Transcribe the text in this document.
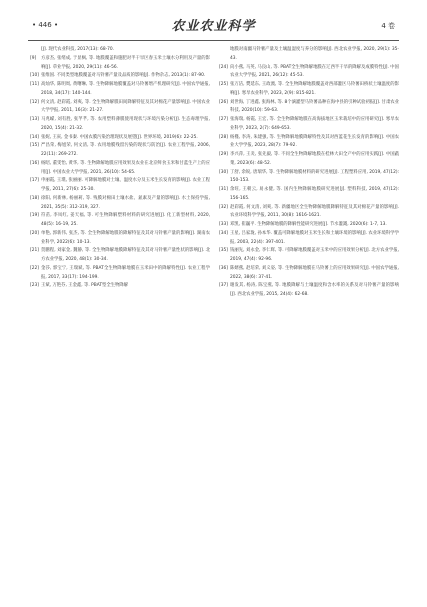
• 446 •	农业农业科学	4 卷
[J]. 现代农业科技, 2017(13): 68-70.
[9]	方彦杰, 张绪成, 于显枫, 等. 地膜覆盖和施肥对半干旱区春玉米土壤水分利用及产量的影响[J]. 草业学报, 2020, 29(11): 46-56.
[10] 张维国. 不同类型地膜覆盖对马铃薯产量及品质的影响[J]. 作物杂志, 2013(1): 87-90.
[11] 高灿华, 陈明周, 黄曙琳, 等. 生物降解地膜覆盖对马铃薯增产机理研究[J]. 中国农学通报, 2018, 34(17): 140-144.
[12] 何文清, 赵彩霞, 刘爽, 等. 全生物降解膜田间降解特征及其对棉花产量影响[J]. 中国农业大学学报, 2011, 16(3): 21-27.
[13] 马兆嵘, 刘有胜, 张芊芊, 等. 农用塑料薄膜使用现状与环境污染分析[J]. 生态毒理学报, 2020, 15(4): 21-32.
[14] 张妮, 王寅, 金书秦. 中国农膜污染治理现状及展望[J]. 世界环境, 2019(6): 22-25.
[15] 严昌荣, 梅旭荣, 何文清, 等. 农用地膜残留污染的现状与防治[J]. 农业工程学报, 2006, 22(11): 269-272.
[16] 杨昭, 董雯怡, 黄华, 等. 生物降解地膜应用效果及农业在北京鲜食玉米和甘蓝生产上的应用[J]. 中国农业大学学报, 2021, 26(10): 54-65.
[17] 申丽霞, 王璞, 张丽丽. 可降解地膜对土壤、温度水分及玉米生长发育的影响[J]. 农业工程学报, 2011, 27(6): 25-30.
[18] 徐阳, 何新林, 杨丽莉, 等. 残膜对棉田土壤水盐、氮素及产量的影响[J]. 水土保持学报, 2021, 35(5): 312-319, 327.
[19] 符苗, 李凤红, 姜天福, 等. 可生物降解塑料材料的研究进展[J]. 化工新型材料, 2020, 48(5): 16-19, 25.
[20] 单艳, 郭新伟, 张杰, 等. 全生物降解地膜的降解特征及其对马铃薯产量的影响[J]. 湖南农业科学, 2022(6): 10-13.
[21] 贺鹏程, 刘家金, 魏静, 等. 全生物降解地膜降解特征及其对马铃薯产量性状的影响[J]. 北方农业学报, 2020, 48(1): 30-34.
[22] 金莎, 郭宝宁, 王瑞斌, 等. PBAT全生物降解地膜在玉米田中的降解特性[J]. 农业工程学报, 2017, 33(17): 194-199.
[23] 王斌, 万艳芬, 王金鑫, 等. PBAT型全生物降解
地膜对南疆马铃薯产量及土壤温湿度与养分的影响[J]. 西北农业学报, 2020, 29(1): 35-43.
[24] 向小燕, 马英, 马良山, 等. PBAT全生物降解地膜在辽西半干旱的降解及成膜特性[J]. 中国农业大学学报, 2021, 26(12): 45-53.
[25] 张万洁, 樊延东, 王政澳, 等. 全生物降解地膜覆盖对西部灌区马铃薯田桥状土壤温度的影响[J]. 寒旱农业科学, 2023, 2(9): 815-821.
[26] 刘世海, 丁进鑫, 张海林, 等. 8个滴灌型马铃薯品种在海中县的引种试验初报[J]. 甘肃农业科技, 2020(10): 59-63.
[27] 张海瑞, 杨霞, 王宏, 等. 全生物降解地膜在高海拔地区玉米栽培中的应用研究[J]. 寒旱农业科学, 2023, 2(7): 649-653.
[28] 杨槿, 李涛, 朱建强, 等. 生物降解地膜降解特性及其对西蓝花生长发育的影响[J]. 中国农业大学学报, 2023, 28(7): 79-92.
[29] 李兴萍, 王炎, 张先毅, 等. 不同全生物降解地膜在桂林大田全产中的应用实践[J]. 中国蔬菜, 2023(6): 48-52.
[30] 丁舒, 余锐, 唐瑞华, 等. 生物降解地膜材料的研究进展[J]. 工程塑料应用, 2019, 47(12): 150-153.
[31] 余旺, 王朝云, 易永健, 等. 国内生物降解地膜研究进展[J]. 塑料科技, 2019, 47(12): 156-165.
[32] 赵彩霞, 何文清, 刘爽, 等. 新疆地区全生物降解地膜降解特征及其对棉花产量的影响[J]. 农业环境科学学报, 2011, 30(8): 1616-1621.
[33] 邓凯, 崔巍平. 生物降解地膜的降解性能研究进展[J]. 节水灌溉, 2020(6): 1-7, 13.
[34] 王星, 吕家珑, 孙本华. 覆盖可降解地膜对玉米生长和土壤环境的影响[J]. 农业环境科学学报, 2003, 22(4): 397-401.
[35] 钱丽先, 刘永金, 李仁辉, 等. 可降解地膜覆盖对玉米中的应用效果分析[J]. 北方农业学报, 2019, 47(4): 92-96.
[36] 陈婿燕, 赵培荣, 刘义姿, 等. 生物降解地膜在马铃薯上的应用效果研究[J]. 中国农学通报, 2022, 38(6): 37-41.
[37] 谢发其, 杨涛, 陈宝燕, 等. 地膜降解与土壤温度和含水率的关系及对马铃薯产量的影响[J]. 西北农业学报, 2015, 24(4): 62-68.
